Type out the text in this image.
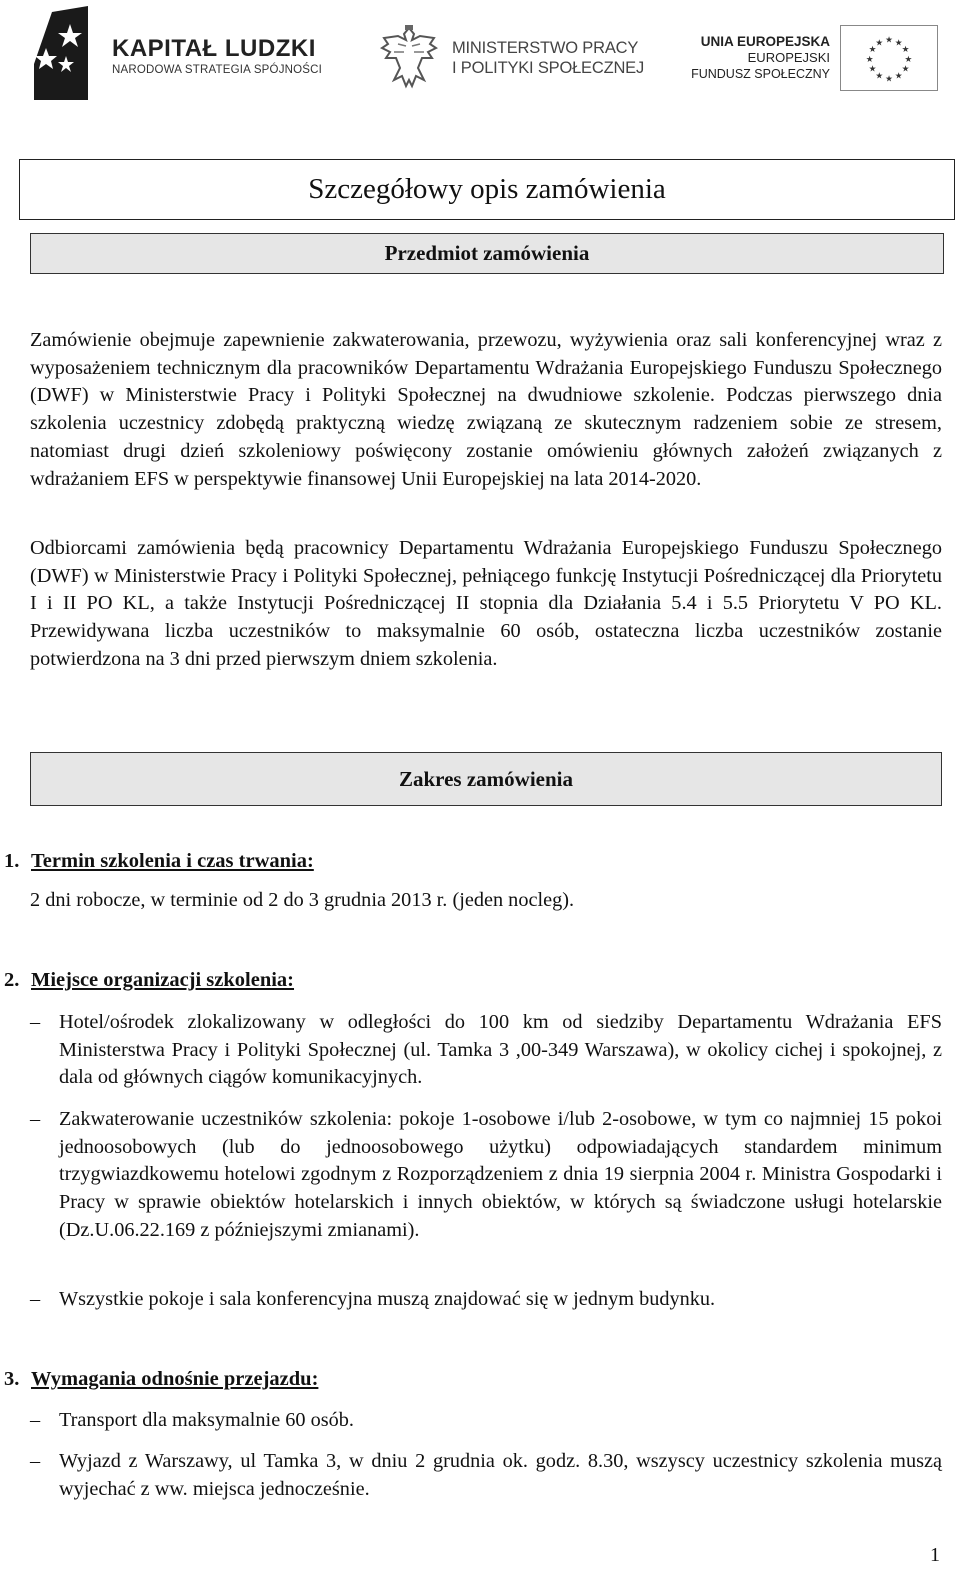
KAPITAŁ LUDZKI
NARODOWA STRATEGIA SPÓJNOŚCI
MINISTERSTWO PRACY
I POLITYKI SPOŁECZNEJ
UNIA EUROPEJSKA
EUROPEJSKI
FUNDUSZ SPOŁECZNY
★ ★
★
★
★
★
★
★
★
★
★
★
Szczegółowy opis zamówienia
Przedmiot zamówienia

Zamówienie obejmuje zapewnienie zakwaterowania, przewozu, wyżywienia oraz sali konferencyjnej wraz z wyposażeniem technicznym dla pracowników Departamentu Wdrażania Europejskiego Funduszu Społecznego (DWF) w Ministerstwie Pracy i Polityki Społecznej na dwudniowe szkolenie. Podczas pierwszego dnia szkolenia uczestnicy zdobędą praktyczną wiedzę związaną ze skutecznym radzeniem sobie ze stresem, natomiast drugi dzień szkoleniowy poświęcony zostanie omówieniu głównych założeń związanych z wdrażaniem EFS w perspektywie finansowej Unii Europejskiej na lata 2014-2020.

Odbiorcami zamówienia będą pracownicy Departamentu Wdrażania Europejskiego Funduszu Społecznego (DWF) w Ministerstwie Pracy i Polityki Społecznej, pełniącego funkcję Instytucji Pośredniczącej dla Priorytetu I i II PO KL, a także Instytucji Pośredniczącej II stopnia dla Działania 5.4 i 5.5 Priorytetu V PO KL. Przewidywana liczba uczestników to maksymalnie 60 osób, ostateczna liczba uczestników zostanie potwierdzona na 3 dni przed pierwszym dniem szkolenia.

Zakres zamówienia
1. Termin szkolenia i czas trwania:
2 dni robocze, w terminie od 2 do 3 grudnia 2013 r. (jeden nocleg).
2. Miejsce organizacji szkolenia:
– Hotel/ośrodek zlokalizowany w odległości do 100 km od siedziby Departamentu Wdrażania EFS Ministerstwa Pracy i Polityki Społecznej (ul. Tamka 3 ,00-349 Warszawa), w okolicy cichej i spokojnej, z dala od głównych ciągów komunikacyjnych.
– Zakwaterowanie uczestników szkolenia: pokoje 1-osobowe i/lub 2-osobowe, w tym co najmniej 15 pokoi jednoosobowych (lub do jednoosobowego użytku) odpowiadających standardem minimum trzygwiazdkowemu hotelowi zgodnym z Rozporządzeniem z dnia 19 sierpnia 2004 r. Ministra Gospodarki i Pracy w sprawie obiektów hotelarskich i innych obiektów, w których są świadczone usługi hotelarskie (Dz.U.06.22.169 z późniejszymi zmianami).
– Wszystkie pokoje i sala konferencyjna muszą znajdować się w jednym budynku.
3. Wymagania odnośnie przejazdu:
– Transport dla maksymalnie 60 osób.
– Wyjazd z Warszawy, ul Tamka 3, w dniu 2 grudnia ok. godz. 8.30, wszyscy uczestnicy szkolenia muszą wyjechać z ww. miejsca jednocześnie.
1
